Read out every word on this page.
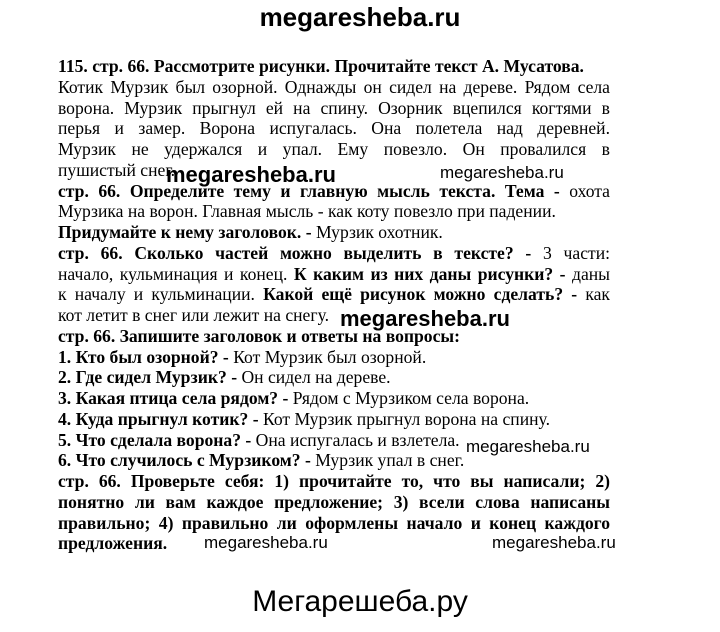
megaresheba.ru

115. стр. 66. Рассмотрите рисунки. Прочитайте текст А. Мусатова.

Котик Мурзик был озорной. Однажды он сидел на дереве. Рядом села

ворона. Мурзик прыгнул ей на спину. Озорник вцепился когтями в

перья и замер. Ворона испугалась. Она полетела над деревней.

Мурзик не удержался и упал. Ему повезло. Он провалился в

пушистый снег.

стр. 66. Определите тему и главную мысль текста. Тема - охота

Мурзика на ворон. Главная мысль - как коту повезло при падении.

Придумайте к нему заголовок. - Мурзик охотник.

стр. 66. Сколько частей можно выделить в тексте? - 3 части:

начало, кульминация и конец. К каким из них даны рисунки? - даны

к началу и кульминации. Какой ещё рисунок можно сделать? - как

кот летит в снег или лежит на снегу.

стр. 66. Запишите заголовок и ответы на вопросы:

1. Кто был озорной? - Кот Мурзик был озорной.

2. Где сидел Мурзик? - Он сидел на дереве.

3. Какая птица села рядом? - Рядом с Мурзиком села ворона.

4. Куда прыгнул котик? - Кот Мурзик прыгнул ворона на спину.

5. Что сделала ворона? - Она испугалась и взлетела.

6. Что случилось с Мурзиком? - Мурзик упал в снег.

стр. 66. Проверьте себя: 1) прочитайте то, что вы написали; 2)

понятно ли вам каждое предложение; 3) всели слова написаны

правильно; 4) правильно ли оформлены начало и конец каждого

предложения.

megaresheba.ru	megaresheba.ru
megaresheba.ru
megaresheba.ru
megaresheba.ru	megaresheba.ru
Мегарешеба.ру
